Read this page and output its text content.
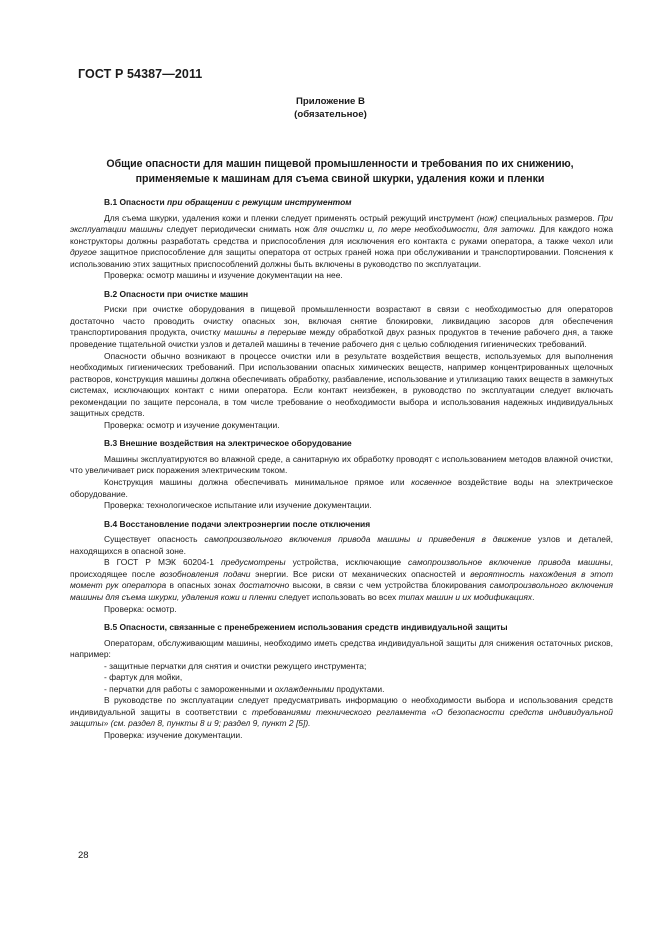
ГОСТ Р 54387—2011
Приложение В
(обязательное)
Общие опасности для машин пищевой промышленности и требования по их снижению,
применяемые к машинам для съема свиной шкурки, удаления кожи и пленки
В.1 Опасности при обращении с режущим инструментом

Для съема шкурки, удаления кожи и пленки следует применять острый режущий инструмент (нож) специальных размеров. При эксплуатации машины следует периодически снимать нож для очистки и, по мере необходимости, для заточки. Для каждого ножа конструкторы должны разработать средства и приспособления для исключения его контакта с руками оператора, а также чехол или другое защитное приспособление для защиты оператора от острых граней ножа при обслуживании и транспортировании. Пояснения к использованию этих защитных приспособлений должны быть включены в руководство по эксплуатации.

Проверка: осмотр машины и изучение документации на нее.

В.2 Опасности при очистке машин

Риски при очистке оборудования в пищевой промышленности возрастают в связи с необходимостью для операторов достаточно часто проводить очистку опасных зон, включая снятие блокировки, ликвидацию засоров для обеспечения транспортирования продукта, очистку машины в перерыве между обработкой двух разных продуктов в течение рабочего дня, а также проведение тщательной очистки узлов и деталей машины в течение рабочего дня с целью соблюдения гигиенических требований.

Опасности обычно возникают в процессе очистки или в результате воздействия веществ, используемых для выполнения необходимых гигиенических требований. При использовании опасных химических веществ, например концентрированных щелочных растворов, конструкция машины должна обеспечивать обработку, разбавление, использование и утилизацию таких веществ в замкнутых системах, исключающих контакт с ними оператора. Если контакт неизбежен, в руководство по эксплуатации следует включать рекомендации по защите персонала, в том числе требование о необходимости выбора и использования надежных индивидуальных защитных средств.

Проверка: осмотр и изучение документации.

В.3 Внешние воздействия на электрическое оборудование

Машины эксплуатируются во влажной среде, а санитарную их обработку проводят с использованием методов влажной очистки, что увеличивает риск поражения электрическим током.

Конструкция машины должна обеспечивать минимальное прямое или косвенное воздействие воды на электрическое оборудование.

Проверка: технологическое испытание или изучение документации.

В.4 Восстановление подачи электроэнергии после отключения

Существует опасность самопроизвольного включения привода машины и приведения в движение узлов и деталей, находящихся в опасной зоне.

В ГОСТ Р МЭК 60204-1 предусмотрены устройства, исключающие самопроизвольное включение привода машины, происходящее после возобновления подачи энергии. Все риски от механических опасностей и вероятность нахождения в этот момент рук оператора в опасных зонах достаточно высоки, в связи с чем устройства блокирования самопроизвольного включения машины для съема шкурки, удаления кожи и пленки следует использовать во всех типах машин и их модификациях.

Проверка: осмотр.

В.5 Опасности, связанные с пренебрежением использования средств индивидуальной защиты

Операторам, обслуживающим машины, необходимо иметь средства индивидуальной защиты для снижения остаточных рисков, например:

- защитные перчатки для снятия и очистки режущего инструмента;

- фартук для мойки,

- перчатки для работы с замороженными и охлажденными продуктами.

В руководстве по эксплуатации следует предусматривать информацию о необходимости выбора и использования средств индивидуальной защиты в соответствии с требованиями технического регламента «О безопасности средств индивидуальной защиты» (см. раздел 8, пункты 8 и 9; раздел 9, пункт 2 [5]).

Проверка: изучение документации.

28
